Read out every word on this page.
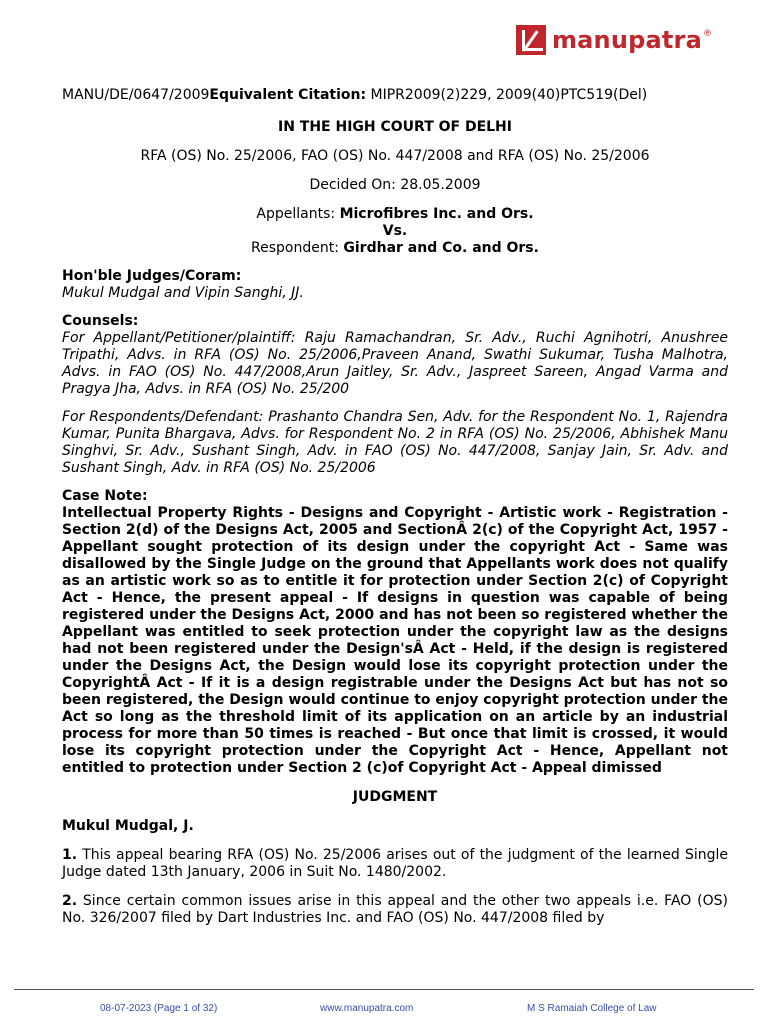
manupatra ®

MANU/DE/0647/2009Equivalent Citation: MIPR2009(2)229, 2009(40)PTC519(Del)

IN THE HIGH COURT OF DELHI

RFA (OS) No. 25/2006, FAO (OS) No. 447/2008 and RFA (OS) No. 25/2006

Decided On: 28.05.2009

Appellants: Microfibres Inc. and Ors.
Vs.
Respondent: Girdhar and Co. and Ors.
Hon'ble Judges/Coram:
Mukul Mudgal and Vipin Sanghi, JJ.
Counsels:
For Appellant/Petitioner/plaintiff: Raju Ramachandran, Sr. Adv., Ruchi Agnihotri, Anushree Tripathi, Advs. in RFA (OS) No. 25/2006,Praveen Anand, Swathi Sukumar, Tusha Malhotra, Advs. in FAO (OS) No. 447/2008,Arun Jaitley, Sr. Adv., Jaspreet Sareen, Angad Varma and Pragya Jha, Advs. in RFA (OS) No. 25/200
For Respondents/Defendant: Prashanto Chandra Sen, Adv. for the Respondent No. 1, Rajendra Kumar, Punita Bhargava, Advs. for Respondent No. 2 in RFA (OS) No. 25/2006, Abhishek Manu Singhvi, Sr. Adv., Sushant Singh, Adv. in FAO (OS) No. 447/2008, Sanjay Jain, Sr. Adv. and Sushant Singh, Adv. in RFA (OS) No. 25/2006
Case Note:
Intellectual Property Rights - Designs and Copyright - Artistic work - Registration - Section 2(d) of the Designs Act, 2005 and SectionÂ 2(c) of the Copyright Act, 1957 - Appellant sought protection of its design under the copyright Act - Same was disallowed by the Single Judge on the ground that Appellants work does not qualify as an artistic work so as to entitle it for protection under Section 2(c) of Copyright Act - Hence, the present appeal - If designs in question was capable of being registered under the Designs Act, 2000 and has not been so registered whether the Appellant was entitled to seek protection under the copyright law as the designs had not been registered under the Design'sÂ Act - Held, if the design is registered under the Designs Act, the Design would lose its copyright protection under the CopyrightÂ Act - If it is a design registrable under the Designs Act but has not so been registered, the Design would continue to enjoy copyright protection under the Act so long as the threshold limit of its application on an article by an industrial process for more than 50 times is reached - But once that limit is crossed, it would lose its copyright protection under the Copyright Act - Hence, Appellant not entitled to protection under Section 2 (c)of Copyright Act - Appeal dimissed

JUDGMENT

Mukul Mudgal, J.

1. This appeal bearing RFA (OS) No. 25/2006 arises out of the judgment of the learned Single Judge dated 13th January, 2006 in Suit No. 1480/2002.

2. Since certain common issues arise in this appeal and the other two appeals i.e. FAO (OS) No. 326/2007 filed by Dart Industries Inc. and FAO (OS) No. 447/2008 filed by

08-07-2023 (Page 1 of 32)	www.manupatra.com	M S Ramaiah College of Law
